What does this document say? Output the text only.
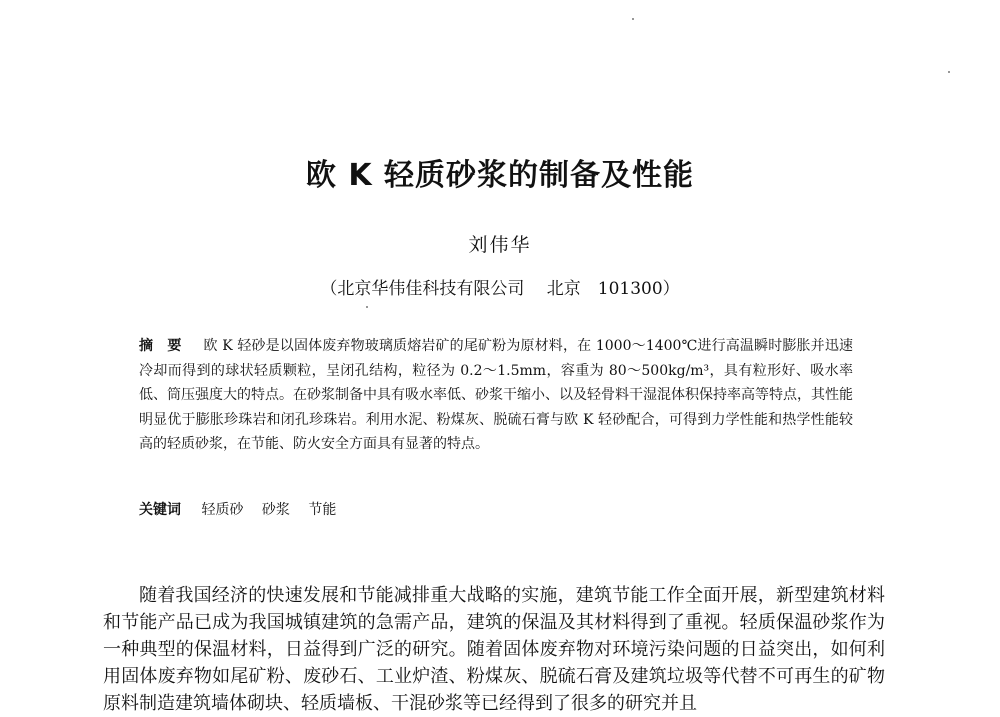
欧 K 轻质砂浆的制备及性能
刘伟华
（北京华伟佳科技有限公司　 北京　101300）
摘　要 欧 K 轻砂是以固体废弃物玻璃质熔岩矿的尾矿粉为原材料，在 1000～1400℃进行高温瞬时膨胀并迅速冷却而得到的球状轻质颗粒，呈闭孔结构，粒径为 0.2～1.5mm，容重为 80～500kg/m³，具有粒形好、吸水率低、筒压强度大的特点。在砂浆制备中具有吸水率低、砂浆干缩小、以及轻骨料干湿混体积保持率高等特点，其性能明显优于膨胀珍珠岩和闭孔珍珠岩。利用水泥、粉煤灰、脱硫石膏与欧 K 轻砂配合，可得到力学性能和热学性能较高的轻质砂浆，在节能、防火安全方面具有显著的特点。
关键词 轻质砂 砂浆 节能
随着我国经济的快速发展和节能减排重大战略的实施，建筑节能工作全面开展，新型建筑材料和节能产品已成为我国城镇建筑的急需产品，建筑的保温及其材料得到了重视。轻质保温砂浆作为一种典型的保温材料，日益得到广泛的研究。随着固体废弃物对环境污染问题的日益突出，如何利用固体废弃物如尾矿粉、废砂石、工业炉渣、粉煤灰、脱硫石膏及建筑垃圾等代替不可再生的矿物原料制造建筑墙体砌块、轻质墙板、干混砂浆等已经得到了很多的研究并且
